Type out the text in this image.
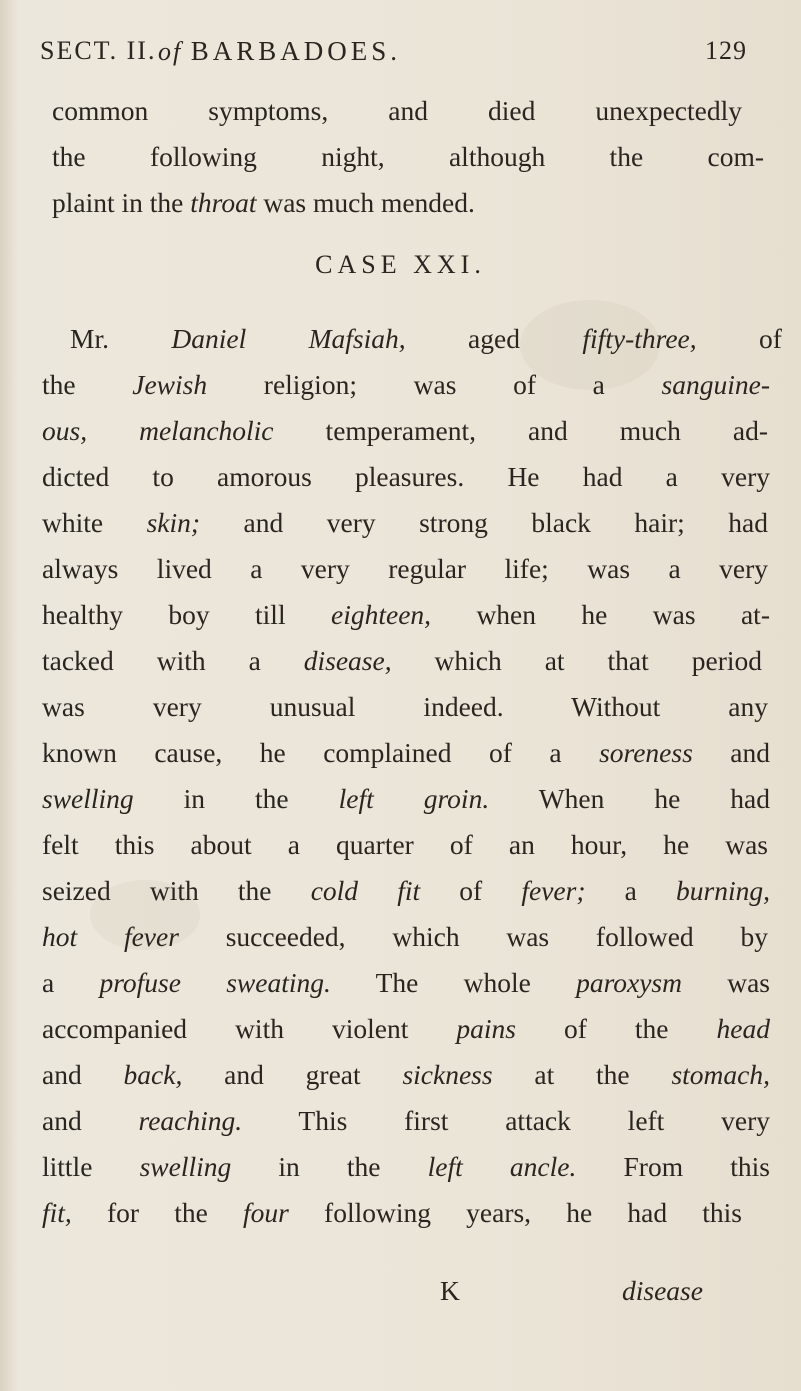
SECT. II. of BARBADOES.	129
common symptoms, and died unexpectedly
the following night, although the com-
plaint in the throat was much mended.
CASE XXI.
Mr. Daniel Mafsiah, aged fifty-three, of
the Jewish religion; was of a sanguine-
ous, melancholic temperament, and much ad-
dicted to amorous pleasures. He had a very
white skin; and very strong black hair; had
always lived a very regular life; was a very
healthy boy till eighteen, when he was at-
tacked with a disease, which at that period
was very unusual indeed. Without any
known cause, he complained of a soreness and
swelling in the left groin. When he had
felt this about a quarter of an hour, he was
seized with the cold fit of fever; a burning,
hot fever succeeded, which was followed by
a profuse sweating. The whole paroxysm was
accompanied with violent pains of the head
and back, and great sickness at the stomach,
and reaching. This first attack left very
little swelling in the left ancle. From this
fit, for the four following years, he had this
K	disease
